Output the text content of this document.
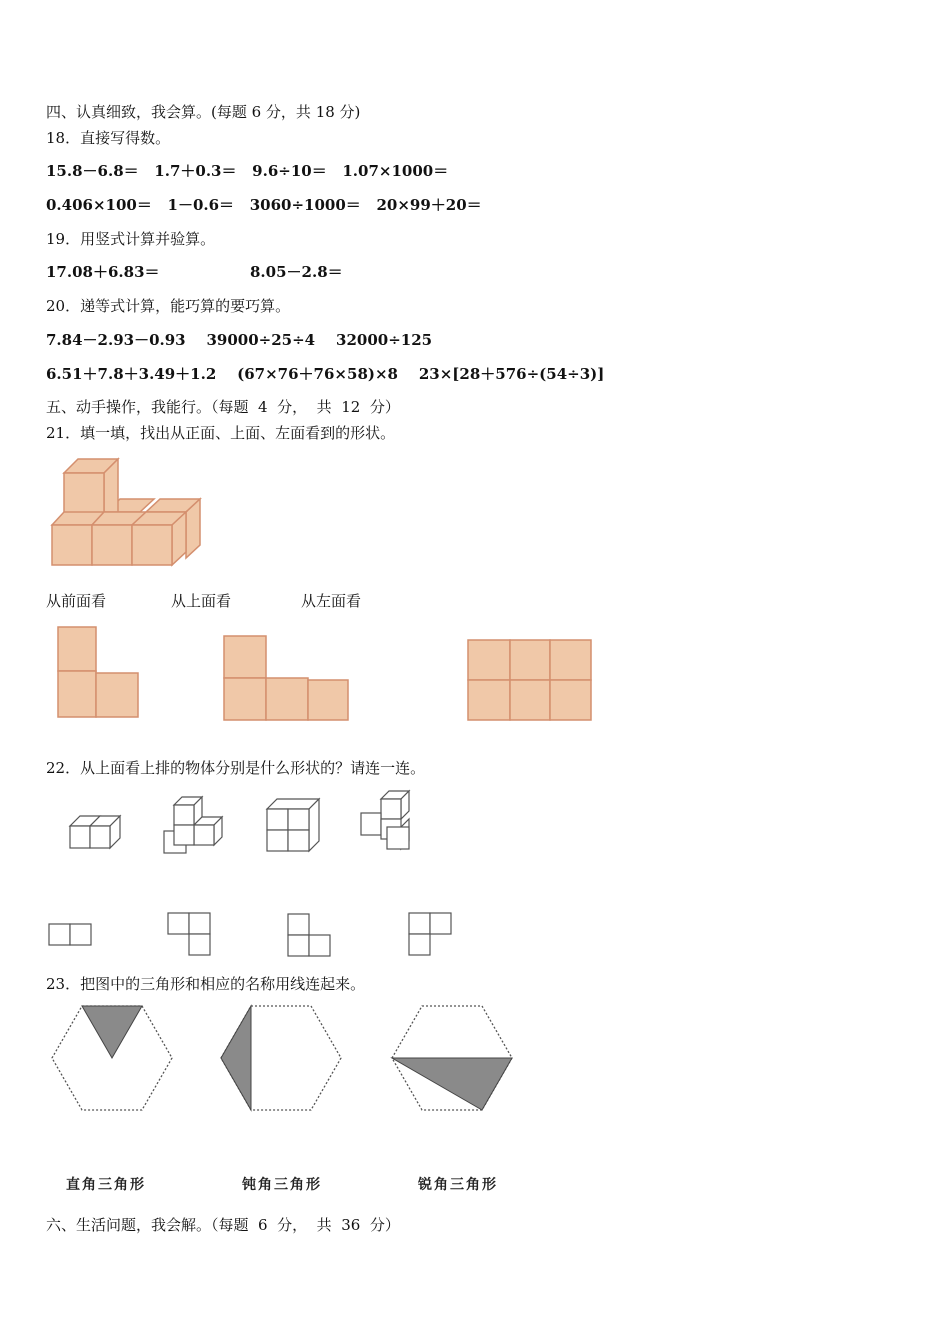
四、认真细致，我会算。(每题 6 分，共 18 分)
18．直接写得数。
15.8－6.8＝   1.7＋0.3＝   9.6÷10＝   1.07×1000＝
0.406×100＝   1－0.6＝   3060÷1000＝   20×99＋20＝
19．用竖式计算并验算。
17.08＋6.83＝	8.05－2.8＝
20．递等式计算，能巧算的要巧算。
7.84－2.93－0.93    39000÷25÷4    32000÷125
6.51＋7.8＋3.49＋1.2    (67×76＋76×58)×8    23×[28＋576÷(54÷3)]
五、动手操作，我能行。（每题  4  分，  共  12  分）
21．填一填，找出从正面、上面、左面看到的形状。
从前面看	从上面看	从左面看
22．从上面看上排的物体分别是什么形状的？请连一连。
23．把图中的三角形和相应的名称用线连起来。
直角三角形	钝角三角形	锐角三角形
六、生活问题，我会解。（每题  6  分，  共  36  分）
